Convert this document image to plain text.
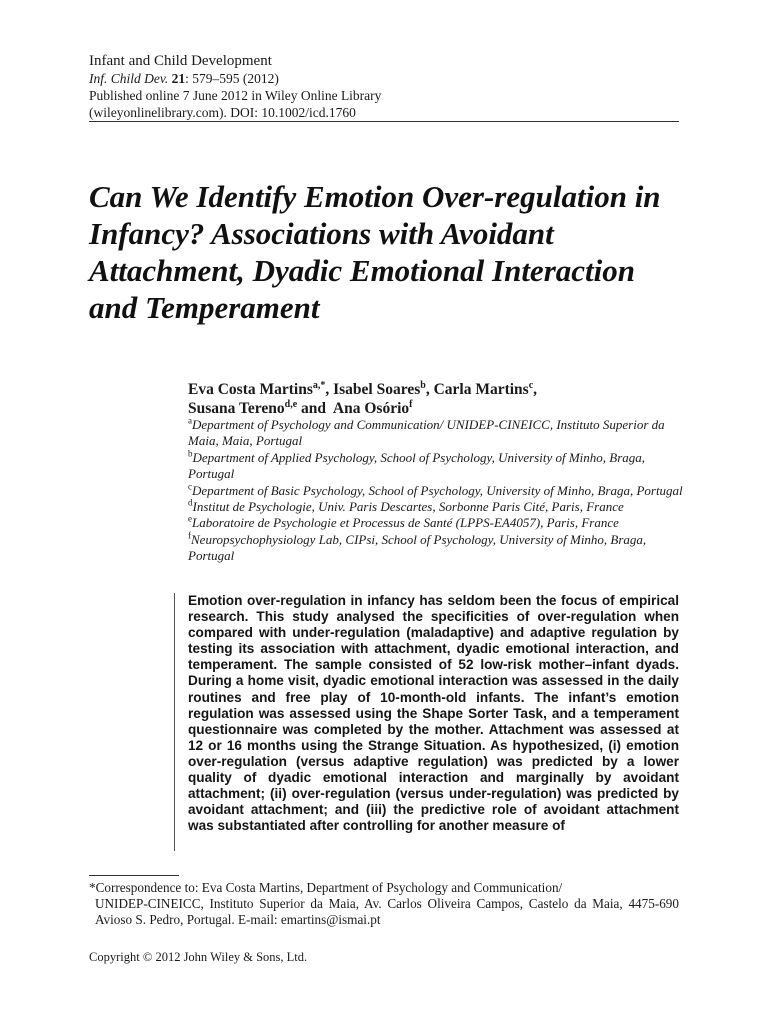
Infant and Child Development
Inf. Child Dev. 21: 579–595 (2012)
Published online 7 June 2012 in Wiley Online Library
(wileyonlinelibrary.com). DOI: 10.1002/icd.1760
Can We Identify Emotion Over-regulation in Infancy? Associations with Avoidant Attachment, Dyadic Emotional Interaction and Temperament
Eva Costa Martins$^{a,*}$, Isabel Soares$^b$, Carla Martins$^c$,
Susana Tereno$^{d,e}$ and  Ana Osório$^f$
$^a$Department of Psychology and Communication/ UNIDEP-CINEICC, Instituto Superior da Maia, Maia, Portugal
$^b$Department of Applied Psychology, School of Psychology, University of Minho, Braga, Portugal
$^c$Department of Basic Psychology, School of Psychology, University of Minho, Braga, Portugal
$^d$Institut de Psychologie, Univ. Paris Descartes, Sorbonne Paris Cité, Paris, France
$^e$Laboratoire de Psychologie et Processus de Santé (LPPS-EA4057), Paris, France
$^f$Neuropsychophysiology Lab, CIPsi, School of Psychology, University of Minho, Braga, Portugal

Emotion over-regulation in infancy has seldom been the focus of empirical research. This study analysed the specificities of over-regulation when compared with under-regulation (maladaptive) and adaptive regulation by testing its association with attachment, dyadic emotional interaction, and temperament. The sample consisted of 52 low-risk mother–infant dyads. During a home visit, dyadic emotional interaction was assessed in the daily routines and free play of 10-month-old infants. The infant’s emotion regulation was assessed using the Shape Sorter Task, and a temperament questionnaire was completed by the mother. Attachment was assessed at 12 or 16 months using the Strange Situation. As hypothesized, (i) emotion over-regulation (versus adaptive regulation) was predicted by a lower quality of dyadic emotional interaction and marginally by avoidant attachment; (ii) over-regulation (versus under-regulation) was predicted by avoidant attachment; and (iii) the predictive role of avoidant attachment was substantiated after controlling for another measure of

*Correspondence to: Eva Costa Martins, Department of Psychology and Communication/
UNIDEP-CINEICC, Instituto Superior da Maia, Av. Carlos Oliveira Campos, Castelo da Maia, 4475-690 Avioso S. Pedro, Portugal. E-mail: emartins@ismai.pt
Copyright © 2012 John Wiley & Sons, Ltd.
